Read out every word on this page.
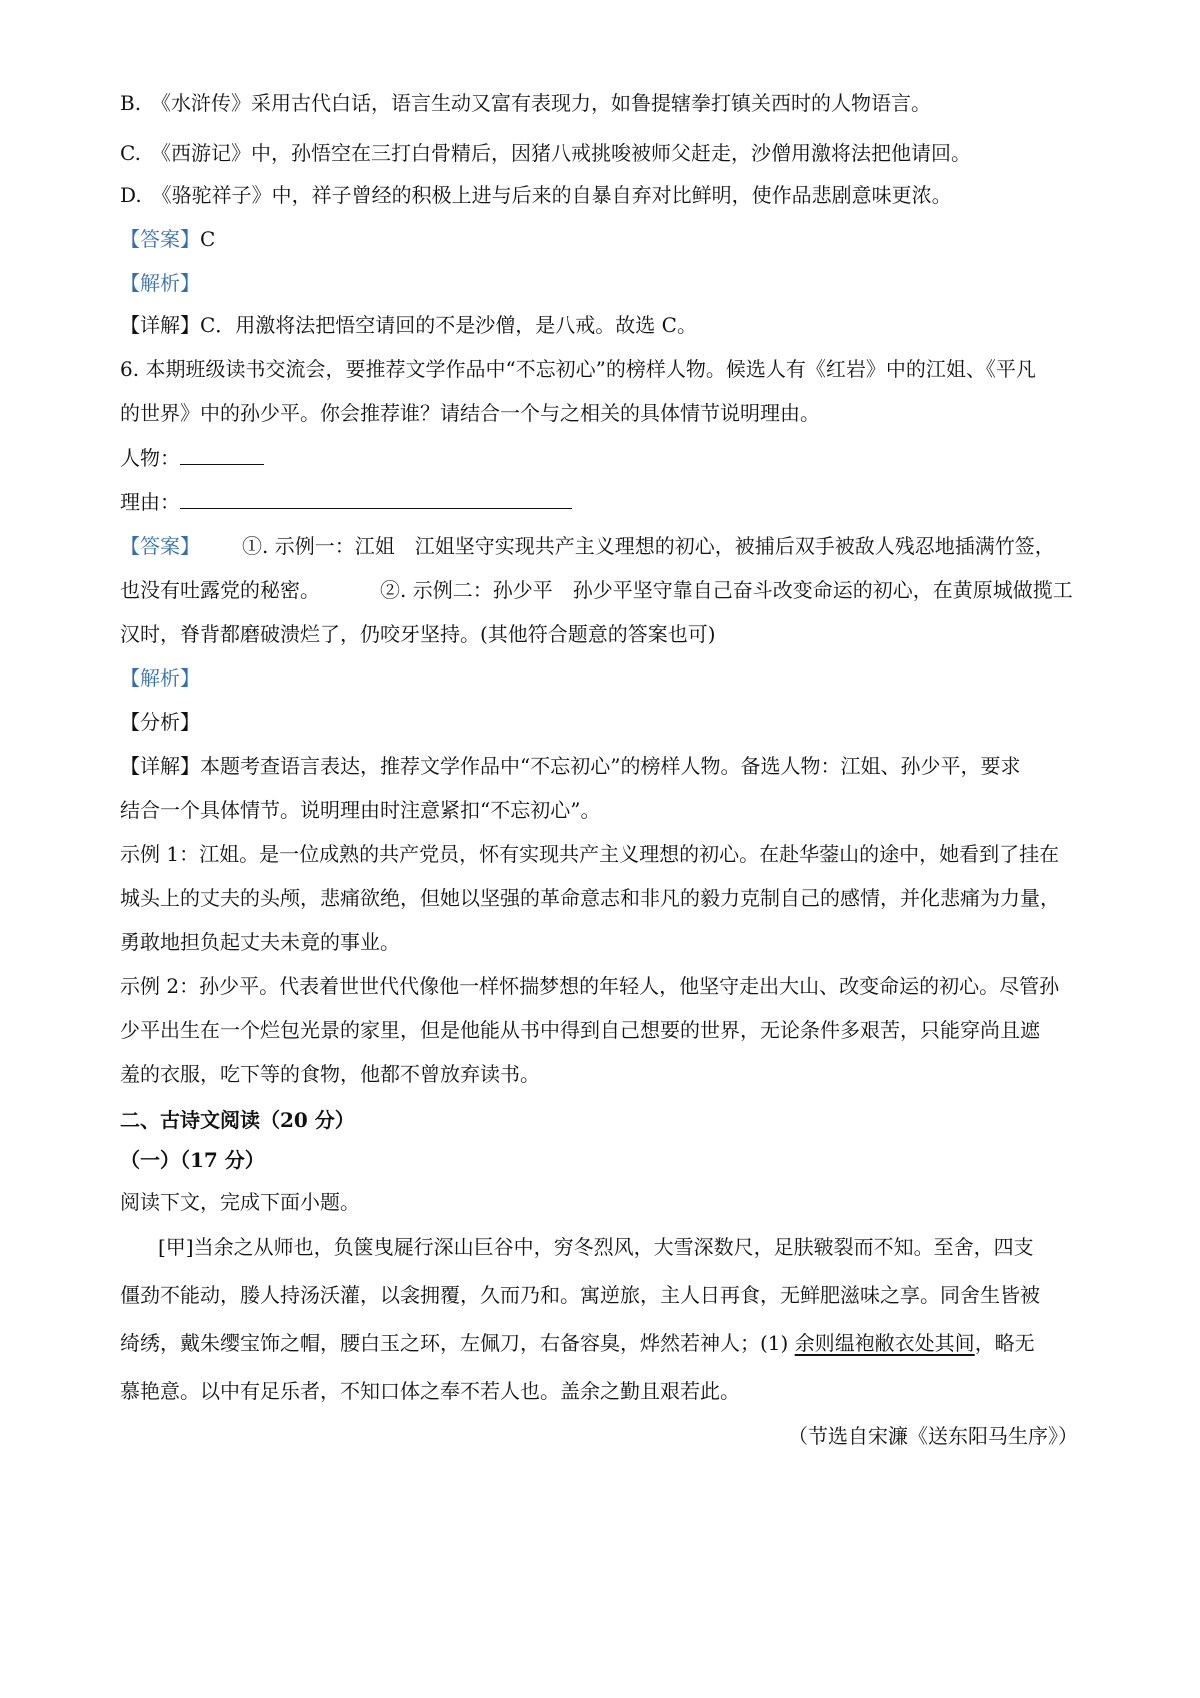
B.　《水浒传》采用古代白话，语言生动又富有表现力，如鲁提辖拳打镇关西时的人物语言。
C.　《西游记》中，孙悟空在三打白骨精后，因猪八戒挑唆被师父赶走，沙僧用激将法把他请回。
D.　《骆驼祥子》中，祥子曾经的积极上进与后来的自暴自弃对比鲜明，使作品悲剧意味更浓。
【答案】C
【解析】
【详解】C．用激将法把悟空请回的不是沙僧，是八戒。故选 C。
6. 本期班级读书交流会，要推荐文学作品中“不忘初心”的榜样人物。候选人有《红岩》中的江姐、《平凡
的世界》中的孙少平。你会推荐谁？请结合一个与之相关的具体情节说明理由。
人物：
理由：
【答案】 ①. 示例一：江姐　江姐坚守实现共产主义理想的初心，被捕后双手被敌人残忍地插满竹签，
也没有吐露党的秘密。	②. 示例二：孙少平　孙少平坚守靠自己奋斗改变命运的初心，在黄原城做揽工
汉时，脊背都磨破溃烂了，仍咬牙坚持。(其他符合题意的答案也可)
【解析】
【分析】
【详解】本题考查语言表达，推荐文学作品中“不忘初心”的榜样人物。备选人物：江姐、孙少平，要求
结合一个具体情节。说明理由时注意紧扣“不忘初心”。
示例 1：江姐。是一位成熟的共产党员，怀有实现共产主义理想的初心。在赴华蓥山的途中，她看到了挂在
城头上的丈夫的头颅，悲痛欲绝，但她以坚强的革命意志和非凡的毅力克制自己的感情，并化悲痛为力量，
勇敢地担负起丈夫未竟的事业。
示例 2：孙少平。代表着世世代代像他一样怀揣梦想的年轻人，他坚守走出大山、改变命运的初心。尽管孙
少平出生在一个烂包光景的家里，但是他能从书中得到自己想要的世界，无论条件多艰苦，只能穿尚且遮
羞的衣服，吃下等的食物，他都不曾放弃读书。
二、古诗文阅读（20 分）
（一）（17 分）
阅读下文，完成下面小题。
[甲]当余之从师也，负箧曳屣行深山巨谷中，穷冬烈风，大雪深数尺，足肤皲裂而不知。至舍，四支
僵劲不能动，媵人持汤沃灌，以衾拥覆，久而乃和。寓逆旅，主人日再食，无鲜肥滋味之享。同舍生皆被
绮绣，戴朱缨宝饰之帽，腰白玉之环，左佩刀，右备容臭，烨然若神人；(1) 余则缊袍敝衣处其间，略无
慕艳意。以中有足乐者，不知口体之奉不若人也。盖余之勤且艰若此。
（节选自宋濂《送东阳马生序》）
